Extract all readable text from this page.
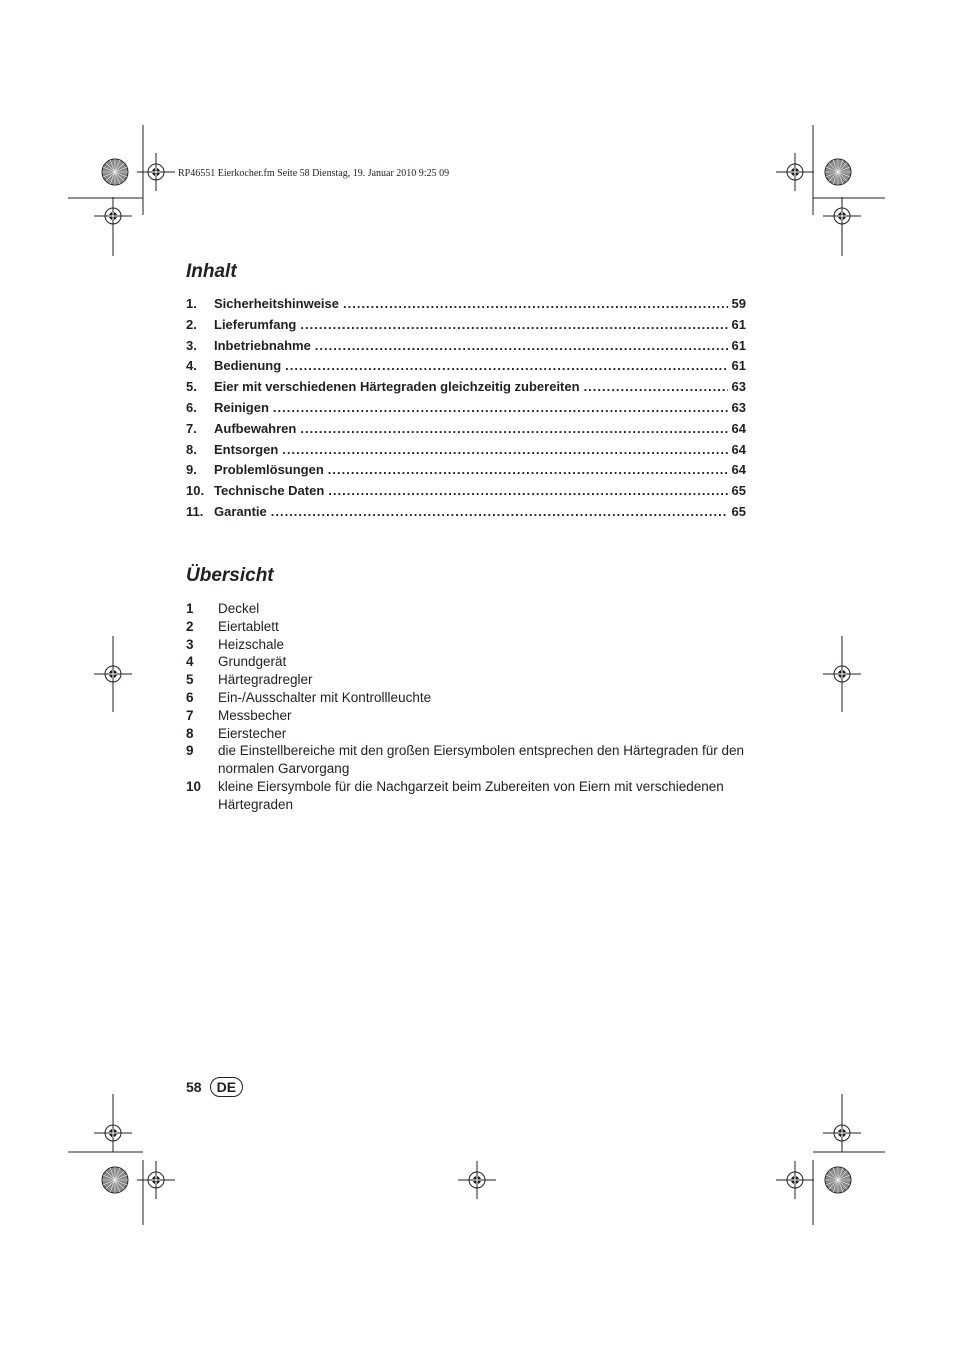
RP46551 Eierkocher.fm Seite 58 Dienstag, 19. Januar 2010 9:25 09
Inhalt
1.	Sicherheitshinweise .....	59
2.	Lieferumfang .....	61
3.	Inbetriebnahme .....	61
4.	Bedienung .....	61
5.	Eier mit verschiedenen Härtegraden gleichzeitig zubereiten .....	63
6.	Reinigen .....	63
7.	Aufbewahren .....	64
8.	Entsorgen .....	64
9.	Problemlösungen .....	64
10. Technische Daten .....	65
11. Garantie .....	65
Übersicht
1	Deckel
2	Eiertablett
3	Heizschale
4	Grundgerät
5	Härtegradregler
6	Ein-/Ausschalter mit Kontrollleuchte
7	Messbecher
8	Eierstecher
9	die Einstellbereiche mit den großen Eiersymbolen entsprechen den Härtegraden für den normalen Garvorgang
10	kleine Eiersymbole für die Nachgarzeit beim Zubereiten von Eiern mit verschiedenen Härtegraden
58	DE
